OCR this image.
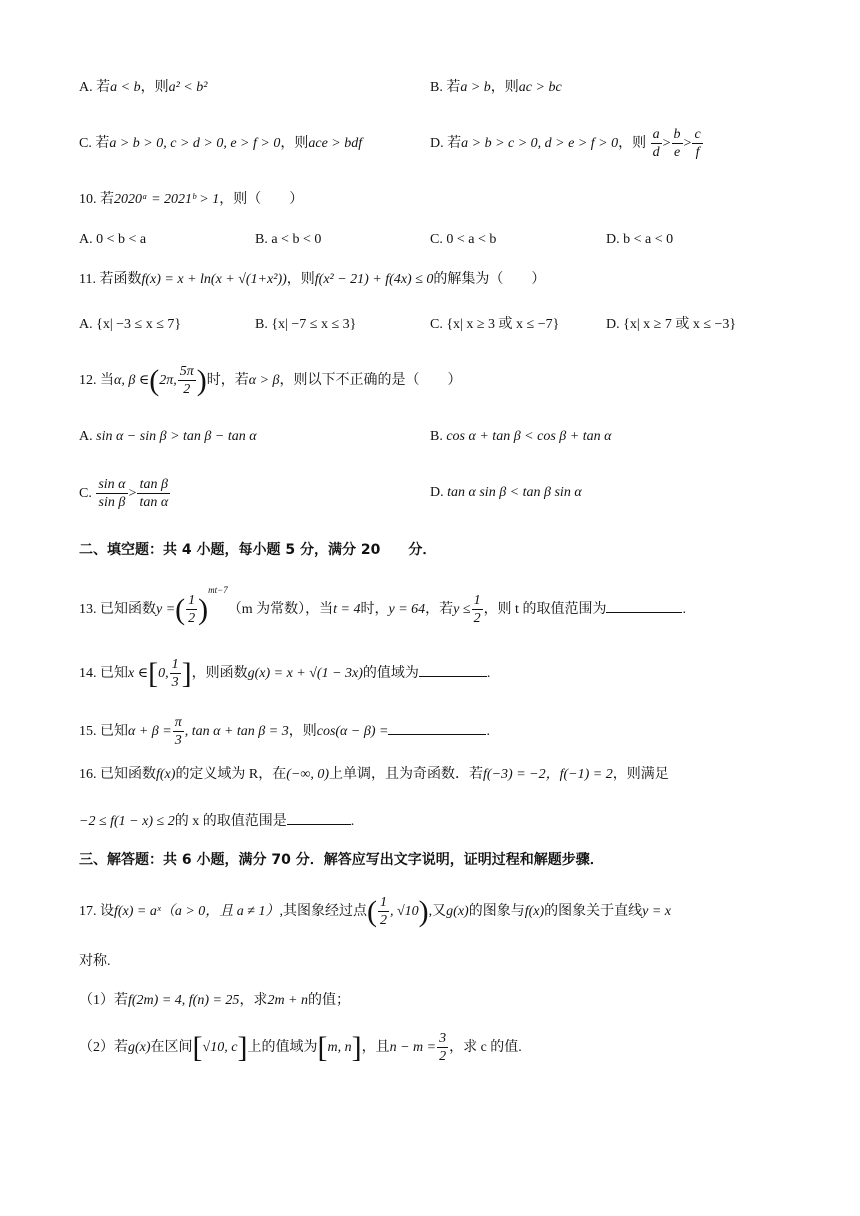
A. 若a < b，则a² < b²	B. 若a > b，则ac > bc
C. 若a > b > 0, c > d > 0, e > f > 0，则ace > bdf	D. 若a > b > c > 0, d > e > f > 0，则 $\frac{a}{d} > \frac{b}{e} > \frac{c}{f}$
10. 若2020ᵃ = 2021ᵇ > 1，则（　　）
A. 0 < b < a	B. a < b < 0	C. 0 < a < b	D. b < a < 0
11. 若函数f(x) = x + ln(x + √(1+x²))，则f(x² − 21) + f(4x) ≤ 0的解集为（　　）
A. {x| −3 ≤ x ≤ 7}	B. {x| −7 ≤ x ≤ 3}	C. {x| x ≥ 3 或 x ≤ −7}	D. {x| x ≥ 7 或 x ≤ −3}
12. 当α, β ∈(2π, $\frac{5\pi}{2}$ )时，若α > β，则以下不正确的是（　　）
A. sin α − sin β > tan β − tan α	B. cos α + tan β < cos β + tan α
C. $\frac{\text{sin α}}{\text{sin β}} > \frac{\text{tan β}}{\text{tan α}}$	D. tan α sin β < tan β sin α
二、填空题：共 4 小题，每小题 5 分，满分 20　　分．
13. 已知函数y =( $\frac{1}{2} )^{mt-7}(m$ 为常数），当t = 4时，y = 64，若$y \le \frac{1}{2}$ ，则 t 的取值范围为	.
14. 已知x ∈[0, $\frac{1}{3}$ ]，则函数g(x) = x + √(1 − 3x)的值域为	.
15. 已知$\alpha + \beta = \frac{\pi}{3}$ , tan α + tan β = 3，则cos(α − β) =	.
16. 已知函数f(x)的定义域为 R，在(−∞, 0)上单调，且为奇函数．若f(−3) = −2，f(−1) = 2，则满足
−2 ≤ f(1 − x) ≤ 2的 x 的取值范围是	.
三、解答题：共 6 小题，满分 70 分．解答应写出文字说明，证明过程和解题步骤．
17. 设f(x) = aˣ（a > 0，且 a ≠ 1）,其图象经过点( $\frac{1}{2}$ , √10),又g(x)的图象与f(x)的图象关于直线y = x
对称.
（1）若f(2m) = 4, f(n) = 25，求2m + n的值；
（2）若g(x)在区间[√10, c]上的值域为[m, n]，且$n - m = \frac{3}{2}$ ，求 c 的值.
